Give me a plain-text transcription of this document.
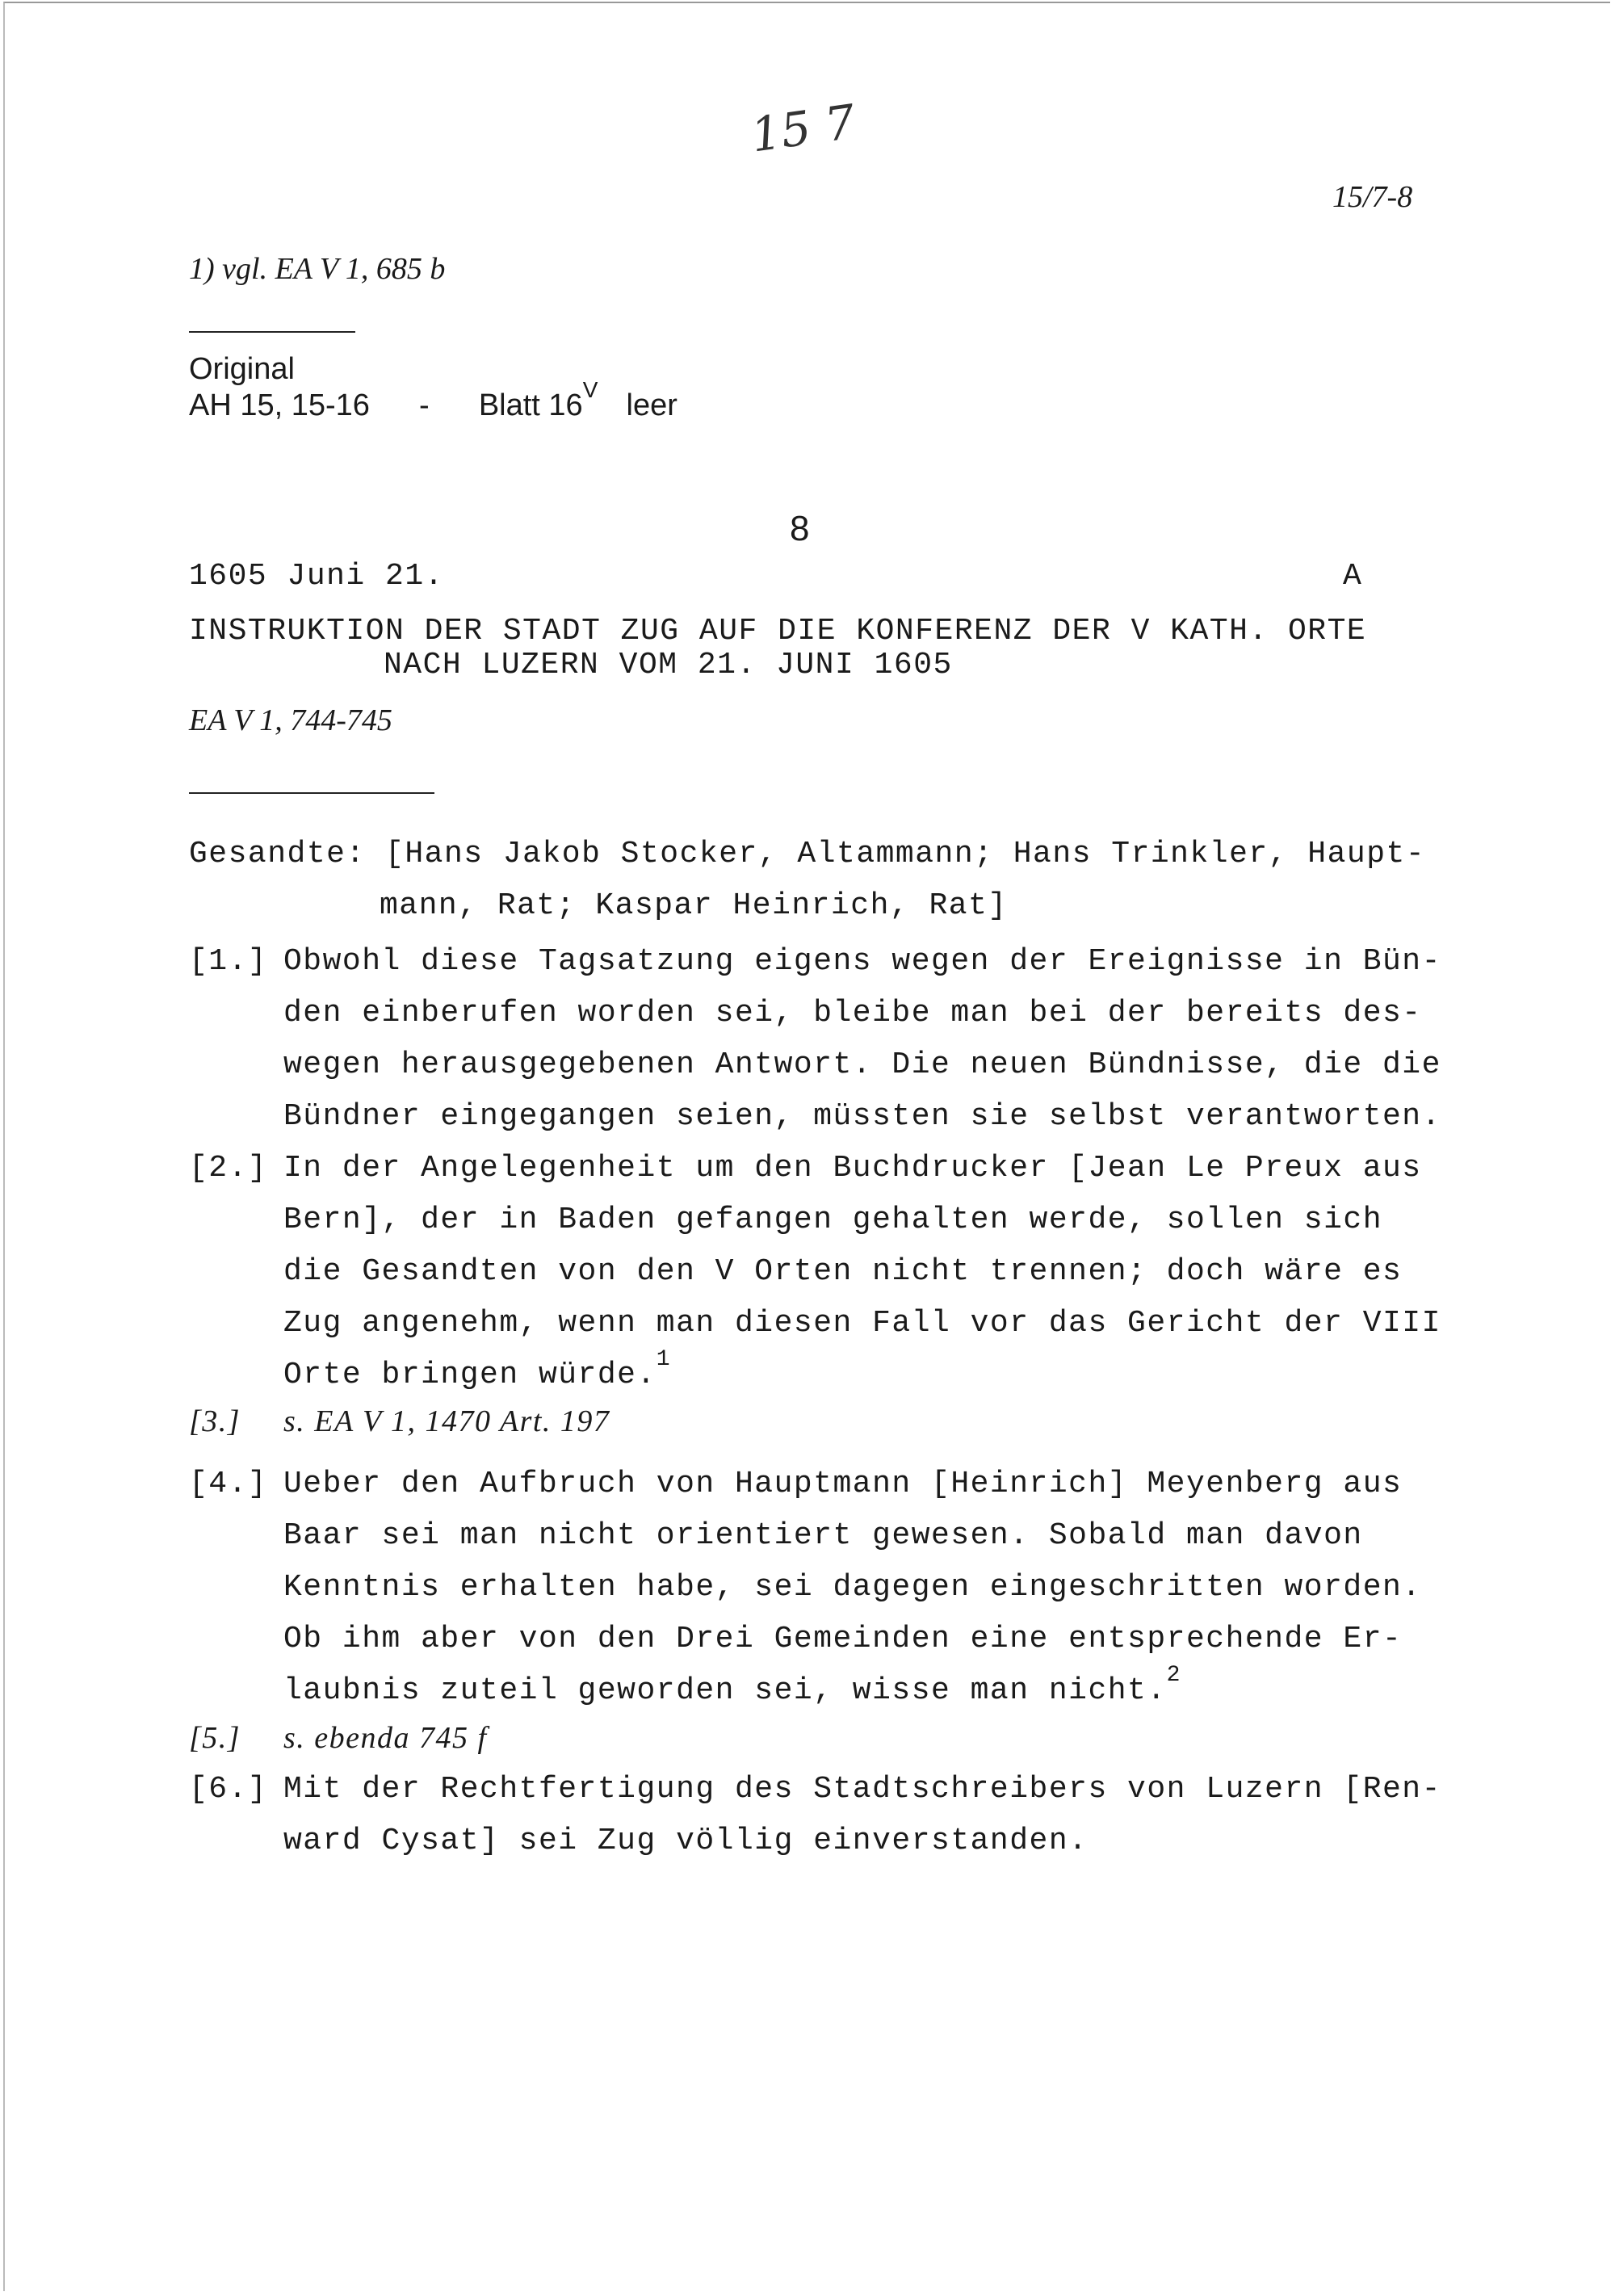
15 7
15/7-8
1) vgl. EA V 1, 685 b
Original
AH 15, 15-16 - Blatt $16^V$ leer
8
1605 Juni 21.	A
INSTRUKTION DER STADT ZUG AUF DIE KONFERENZ DER V KATH. ORTE
NACH LUZERN VOM 21. JUNI 1605
EA V 1, 744-745
Gesandte: [Hans Jakob Stocker, Altammann; Hans Trinkler, Haupt-
mann, Rat; Kaspar Heinrich, Rat]
[1.] Obwohl diese Tagsatzung eigens wegen der Ereignisse in Bün-
den einberufen worden sei, bleibe man bei der bereits des-
wegen herausgegebenen Antwort. Die neuen Bündnisse, die die
Bündner eingegangen seien, müssten sie selbst verantworten.
[2.] In der Angelegenheit um den Buchdrucker [Jean Le Preux aus
Bern], der in Baden gefangen gehalten werde, sollen sich
die Gesandten von den V Orten nicht trennen; doch wäre es
Zug angenehm, wenn man diesen Fall vor das Gericht der VIII
Orte bringen würde.$^1$
[3.] s. EA V 1, 1470 Art. 197
[4.] Ueber den Aufbruch von Hauptmann [Heinrich] Meyenberg aus
Baar sei man nicht orientiert gewesen. Sobald man davon
Kenntnis erhalten habe, sei dagegen eingeschritten worden.
Ob ihm aber von den Drei Gemeinden eine entsprechende Er-
laubnis zuteil geworden sei, wisse man nicht.$^2$
[5.] s. ebenda 745 f
[6.] Mit der Rechtfertigung des Stadtschreibers von Luzern [Ren-
ward Cysat] sei Zug völlig einverstanden.
